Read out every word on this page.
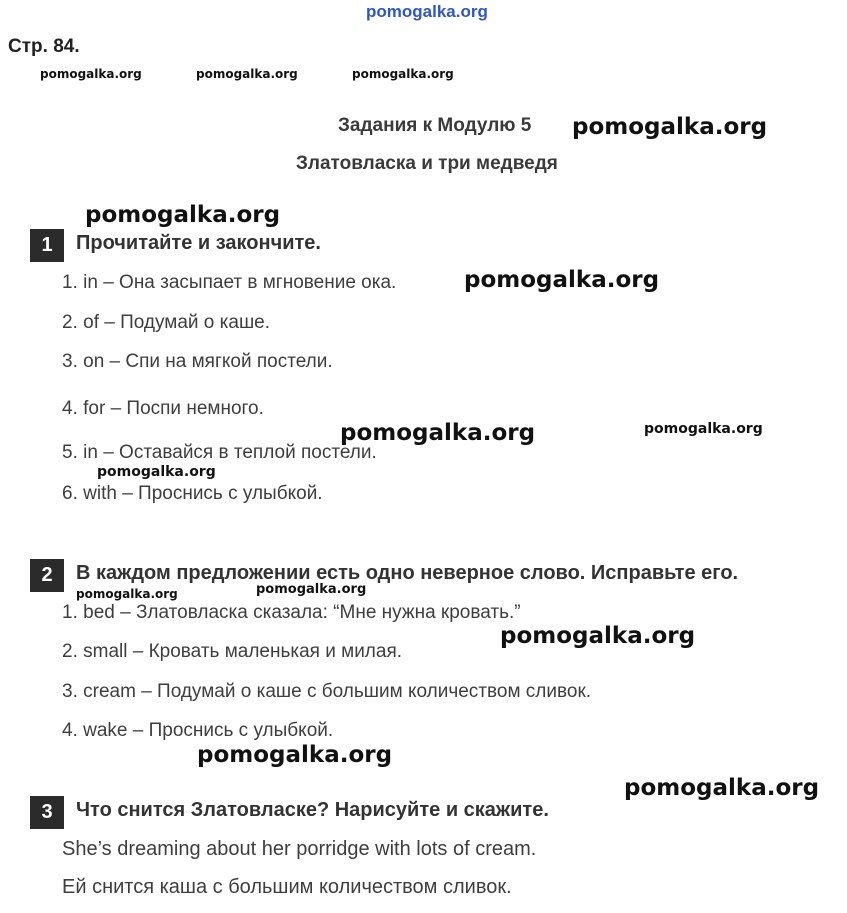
pomogalka.org
Стр. 84.
pomogalka.org	pomogalka.org	pomogalka.org
Задания к Модулю 5 pomogalka.org
Златовласка и три медведя
pomogalka.org
1	Прочитайте и закончите.
1. in – Она засыпает в мгновение ока.	pomogalka.org
2. of – Подумай о каше.
3. on – Спи на мягкой постели.
4. for – Поспи немного.
pomogalka.org	pomogalka.org
5. in – Оставайся в теплой постели.
pomogalka.org
6. with – Проснись с улыбкой.
2	В каждом предложении есть одно неверное слово. Исправьте его.
pomogalka.org
pomogalka.org
1. bed – Златовласка сказала: “Мне нужна кровать.”
pomogalka.org
2. small – Кровать маленькая и милая.
3. cream – Подумай о каше с большим количеством сливок.
4. wake – Проснись с улыбкой.
pomogalka.org
pomogalka.org
3	Что снится Златовласке? Нарисуйте и скажите.
She’s dreaming about her porridge with lots of cream.
Ей снится каша с большим количеством сливок.
